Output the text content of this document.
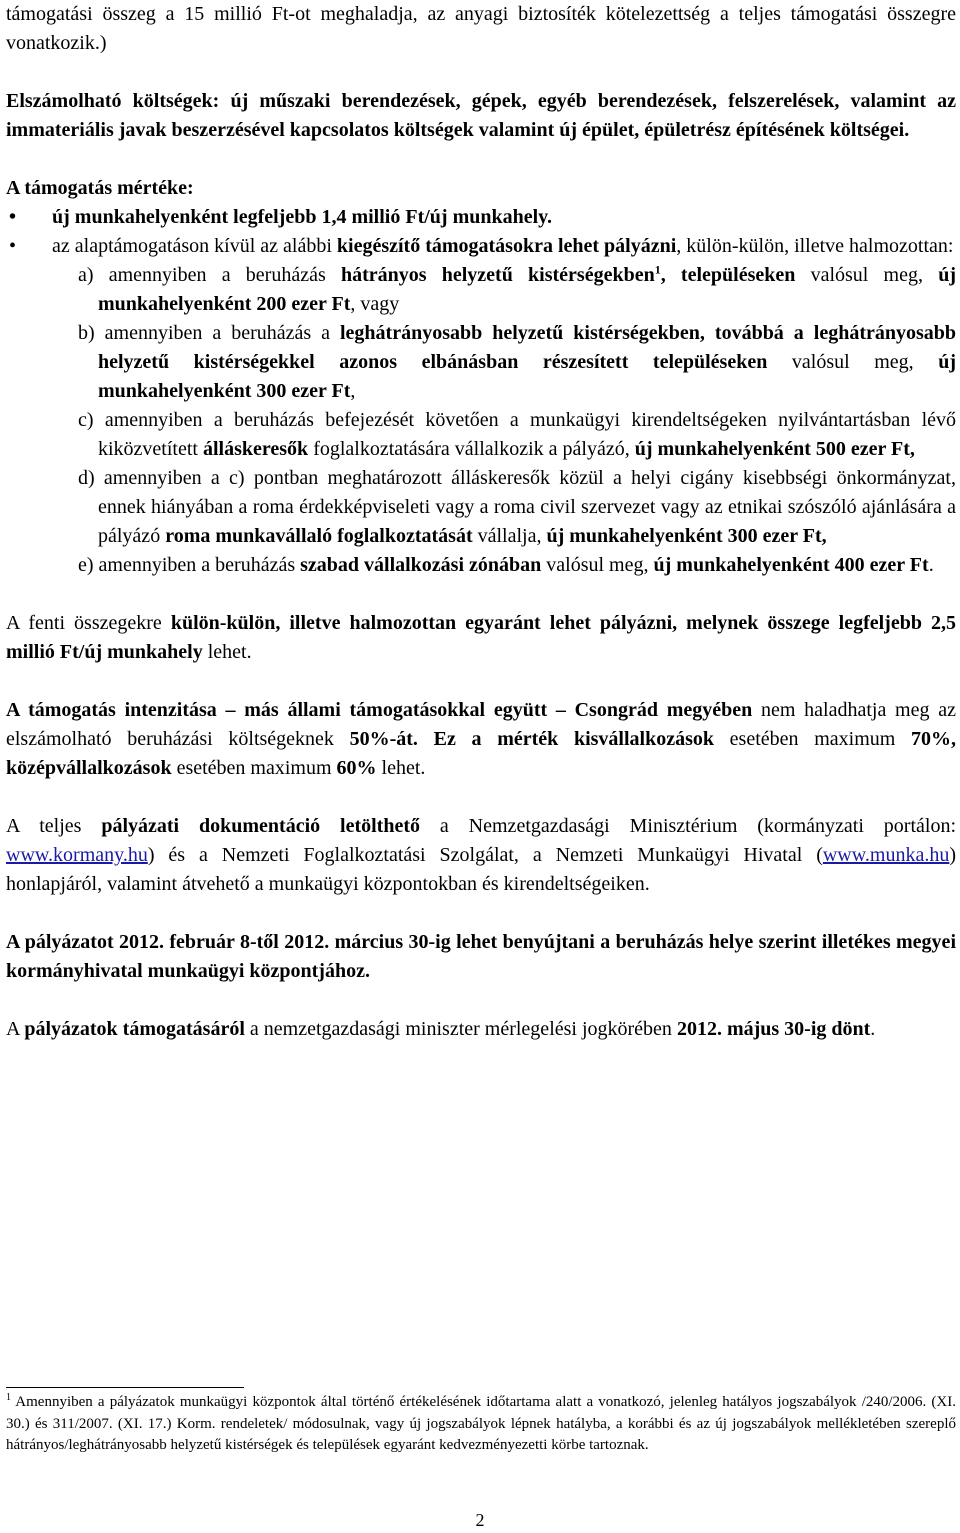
támogatási összeg a 15 millió Ft-ot meghaladja, az anyagi biztosíték kötelezettség a teljes támogatási összegre vonatkozik.)

Elszámolható költségek: új műszaki berendezések, gépek, egyéb berendezések, felszerelések, valamint az immateriális javak beszerzésével kapcsolatos költségek valamint új épület, épületrész építésének költségei.

A támogatás mértéke:

• új munkahelyenként legfeljebb 1,4 millió Ft/új munkahely.
• az alaptámogatáson kívül az alábbi kiegészítő támogatásokra lehet pályázni, külön-külön, illetve halmozottan:
a) amennyiben a beruházás hátrányos helyzetű kistérségekben$^1$, településeken valósul meg, új munkahelyenként 200 ezer Ft, vagy
b) amennyiben a beruházás a leghátrányosabb helyzetű kistérségekben, továbbá a leghátrányosabb helyzetű kistérségekkel azonos elbánásban részesített településeken valósul meg, új munkahelyenként 300 ezer Ft,
c) amennyiben a beruházás befejezését követően a munkaügyi kirendeltségeken nyilvántartásban lévő kiközvetített álláskeresők foglalkoztatására vállalkozik a pályázó, új munkahelyenként 500 ezer Ft,
d) amennyiben a c) pontban meghatározott álláskeresők közül a helyi cigány kisebbségi önkormányzat, ennek hiányában a roma érdekképviseleti vagy a roma civil szervezet vagy az etnikai szószóló ajánlására a pályázó roma munkavállaló foglalkoztatását vállalja, új munkahelyenként 300 ezer Ft,
e) amennyiben a beruházás szabad vállalkozási zónában valósul meg, új munkahelyenként 400 ezer Ft.

A fenti összegekre külön-külön, illetve halmozottan egyaránt lehet pályázni, melynek összege legfeljebb 2,5 millió Ft/új munkahely lehet.

A támogatás intenzitása – más állami támogatásokkal együtt – Csongrád megyében nem haladhatja meg az elszámolható beruházási költségeknek 50%-át. Ez a mérték kisvállalkozások esetében maximum 70%, középvállalkozások esetében maximum 60% lehet.

A teljes pályázati dokumentáció letölthető a Nemzetgazdasági Minisztérium (kormányzati portálon: www.kormany.hu) és a Nemzeti Foglalkoztatási Szolgálat, a Nemzeti Munkaügyi Hivatal (www.munka.hu) honlapjáról, valamint átvehető a munkaügyi központokban és kirendeltségeiken.

A pályázatot 2012. február 8-től 2012. március 30-ig lehet benyújtani a beruházás helye szerint illetékes megyei kormányhivatal munkaügyi központjához.

A pályázatok támogatásáról a nemzetgazdasági miniszter mérlegelési jogkörében 2012. május 30-ig dönt.

$^1$ Amennyiben a pályázatok munkaügyi központok által történő értékelésének időtartama alatt a vonatkozó, jelenleg hatályos jogszabályok /240/2006. (XI. 30.) és 311/2007. (XI. 17.) Korm. rendeletek/ módosulnak, vagy új jogszabályok lépnek hatályba, a korábbi és az új jogszabályok mellékletében szereplő hátrányos/leghátrányosabb helyzetű kistérségek és települések egyaránt kedvezményezetti körbe tartoznak.
2
